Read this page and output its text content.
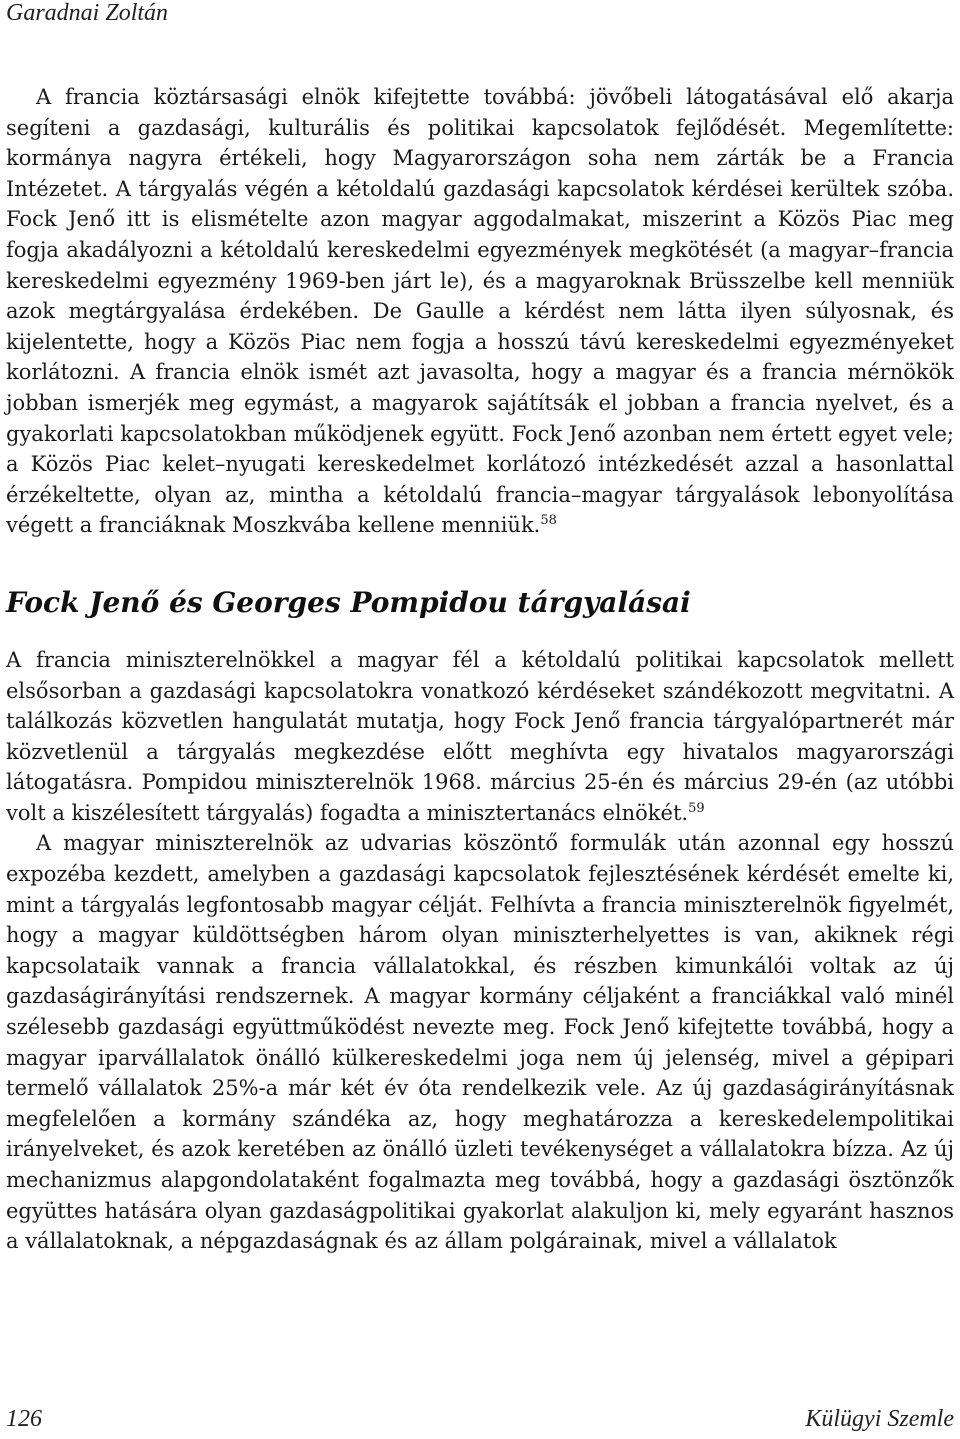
Garadnai Zoltán

A francia köztársasági elnök kifejtette továbbá: jövőbeli látogatásával elő akarja segíteni a gazdasági, kulturális és politikai kapcsolatok fejlődését. Megemlítette: kormánya nagyra értékeli, hogy Magyarországon soha nem zárták be a Francia Intézetet. A tárgyalás végén a kétoldalú gazdasági kapcsolatok kérdései kerültek szóba. Fock Jenő itt is elismételte azon magyar aggodalmakat, miszerint a Közös Piac meg fogja akadályozni a kétoldalú kereskedelmi egyezmények megkötését (a magyar–francia kereskedelmi egyezmény 1969-ben járt le), és a magyaroknak Brüsszelbe kell menniük azok megtárgyalása érdekében. De Gaulle a kérdést nem látta ilyen súlyosnak, és kijelentette, hogy a Közös Piac nem fogja a hosszú távú kereskedelmi egyezményeket korlátozni. A francia elnök ismét azt javasolta, hogy a magyar és a francia mérnökök jobban ismerjék meg egymást, a magyarok sajátítsák el jobban a francia nyelvet, és a gyakorlati kapcsolatokban működjenek együtt. Fock Jenő azonban nem értett egyet vele; a Közös Piac kelet–nyugati kereskedelmet korlátozó intézkedését azzal a hasonlattal érzékeltette, olyan az, mintha a kétoldalú francia–magyar tárgyalások lebonyolítása végett a franciáknak Moszkvába kellene menniük.$^{58}$

Fock Jenő és Georges Pompidou tárgyalásai

A francia miniszterelnökkel a magyar fél a kétoldalú politikai kapcsolatok mellett elsősorban a gazdasági kapcsolatokra vonatkozó kérdéseket szándékozott megvitatni. A találkozás közvetlen hangulatát mutatja, hogy Fock Jenő francia tárgyalópartnerét már közvetlenül a tárgyalás megkezdése előtt meghívta egy hivatalos magyarországi látogatásra. Pompidou miniszterelnök 1968. március 25-én és március 29-én (az utóbbi volt a kiszélesített tárgyalás) fogadta a minisztertanács elnökét.$^{59}$

A magyar miniszterelnök az udvarias köszöntő formulák után azonnal egy hosszú expozéba kezdett, amelyben a gazdasági kapcsolatok fejlesztésének kérdését emelte ki, mint a tárgyalás legfontosabb magyar célját. Felhívta a francia miniszterelnök figyelmét, hogy a magyar küldöttségben három olyan miniszterhelyettes is van, akiknek régi kapcsolataik vannak a francia vállalatokkal, és részben kimunkálói voltak az új gazdaságirányítási rendszernek. A magyar kormány céljaként a franciákkal való minél szélesebb gazdasági együttműködést nevezte meg. Fock Jenő kifejtette továbbá, hogy a magyar iparvállalatok önálló külkereskedelmi joga nem új jelenség, mivel a gépipari termelő vállalatok 25%-a már két év óta rendelkezik vele. Az új gazdaságirányításnak megfelelően a kormány szándéka az, hogy meghatározza a kereskedelempolitikai irányelveket, és azok keretében az önálló üzleti tevékenységet a vállalatokra bízza. Az új mechanizmus alapgondolataként fogalmazta meg továbbá, hogy a gazdasági ösztönzők együttes hatására olyan gazdaságpolitikai gyakorlat alakuljon ki, mely egyaránt hasznos a vállalatoknak, a népgazdaságnak és az állam polgárainak, mivel a vállalatok

126	Külügyi Szemle
